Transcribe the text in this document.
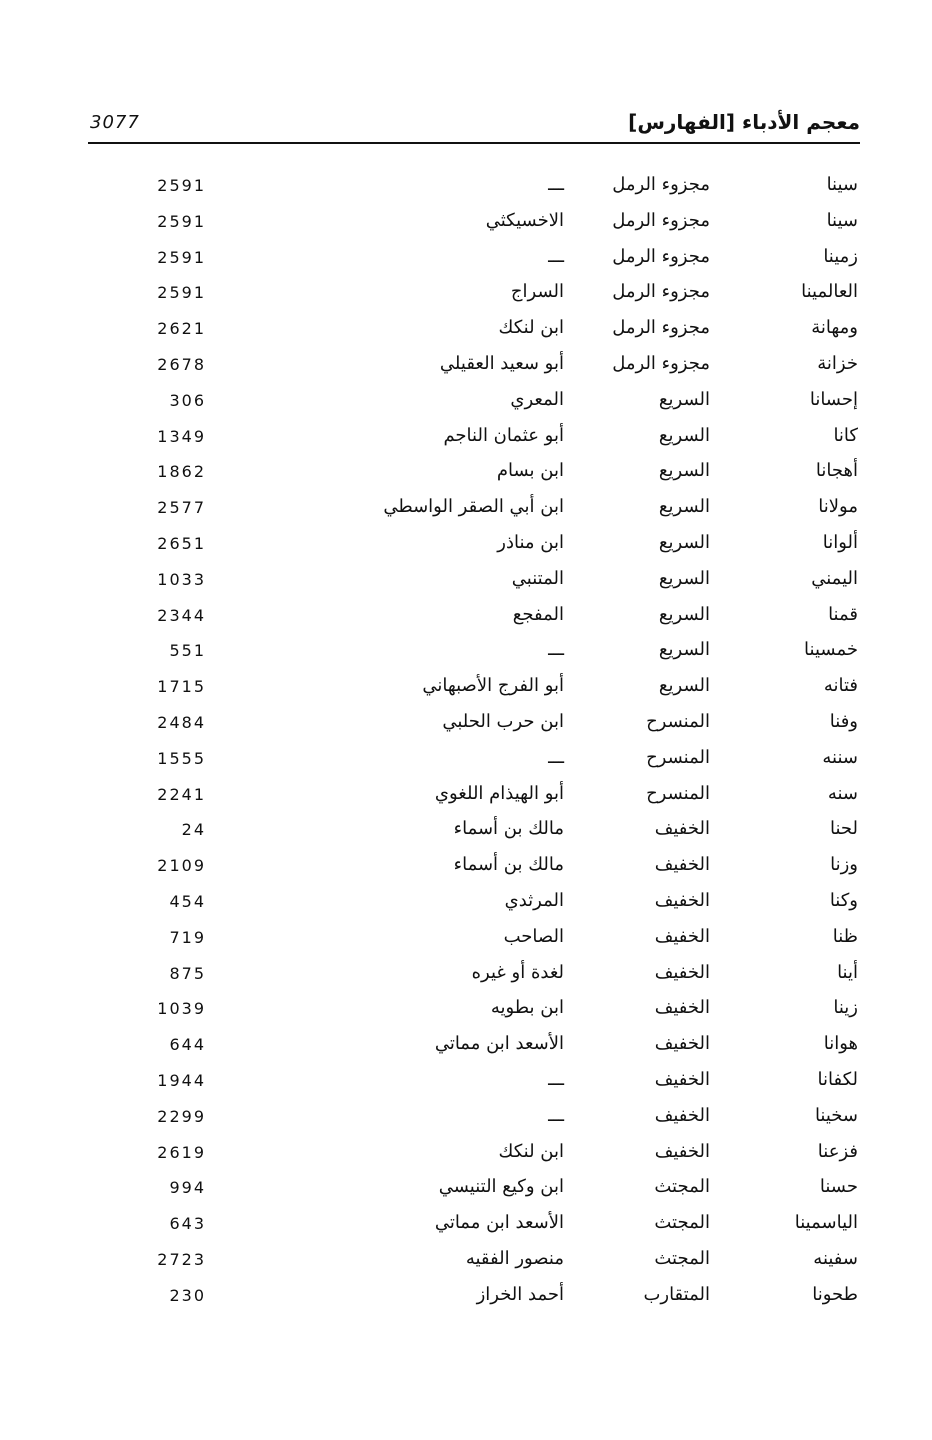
معجم الأدباء [الفهارس]
3077
سينا
مجزوء الرمل
ـــ
2591
سينا
مجزوء الرمل
الاخسيكثي
2591
زمينا
مجزوء الرمل
ـــ
2591
العالمينا
مجزوء الرمل
السراج
2591
ومهانة
مجزوء الرمل
ابن لنكك
2621
خزانة
مجزوء الرمل
أبو سعيد العقيلي
2678
إحسانا
السريع
المعري
306
كانا
السريع
أبو عثمان الناجم
1349
أهجانا
السريع
ابن بسام
1862
مولانا
السريع
ابن أبي الصقر الواسطي
2577
ألوانا
السريع
ابن مناذر
2651
اليمني
السريع
المتنبي
1033
قمنا
السريع
المفجع
2344
خمسينا
السريع
ـــ
551
فتانه
السريع
أبو الفرج الأصبهاني
1715
وفنا
المنسرح
ابن حرب الحلبي
2484
سننه
المنسرح
ـــ
1555
سنه
المنسرح
أبو الهيذام اللغوي
2241
لحنا
الخفيف
مالك بن أسماء
24
وزنا
الخفيف
مالك بن أسماء
2109
وكنا
الخفيف
المرثدي
454
ظنا
الخفيف
الصاحب
719
أينا
الخفيف
لغدة أو غيره
875
زينا
الخفيف
ابن بطويه
1039
هوانا
الخفيف
الأسعد ابن مماتي
644
لكفانا
الخفيف
ـــ
1944
سخينا
الخفيف
ـــ
2299
فزعنا
الخفيف
ابن لنكك
2619
حسنا
المجتث
ابن وكيع التنيسي
994
الياسمينا
المجتث
الأسعد ابن مماتي
643
سفينه
المجتث
منصور الفقيه
2723
طحونا
المتقارب
أحمد الخراز
230
